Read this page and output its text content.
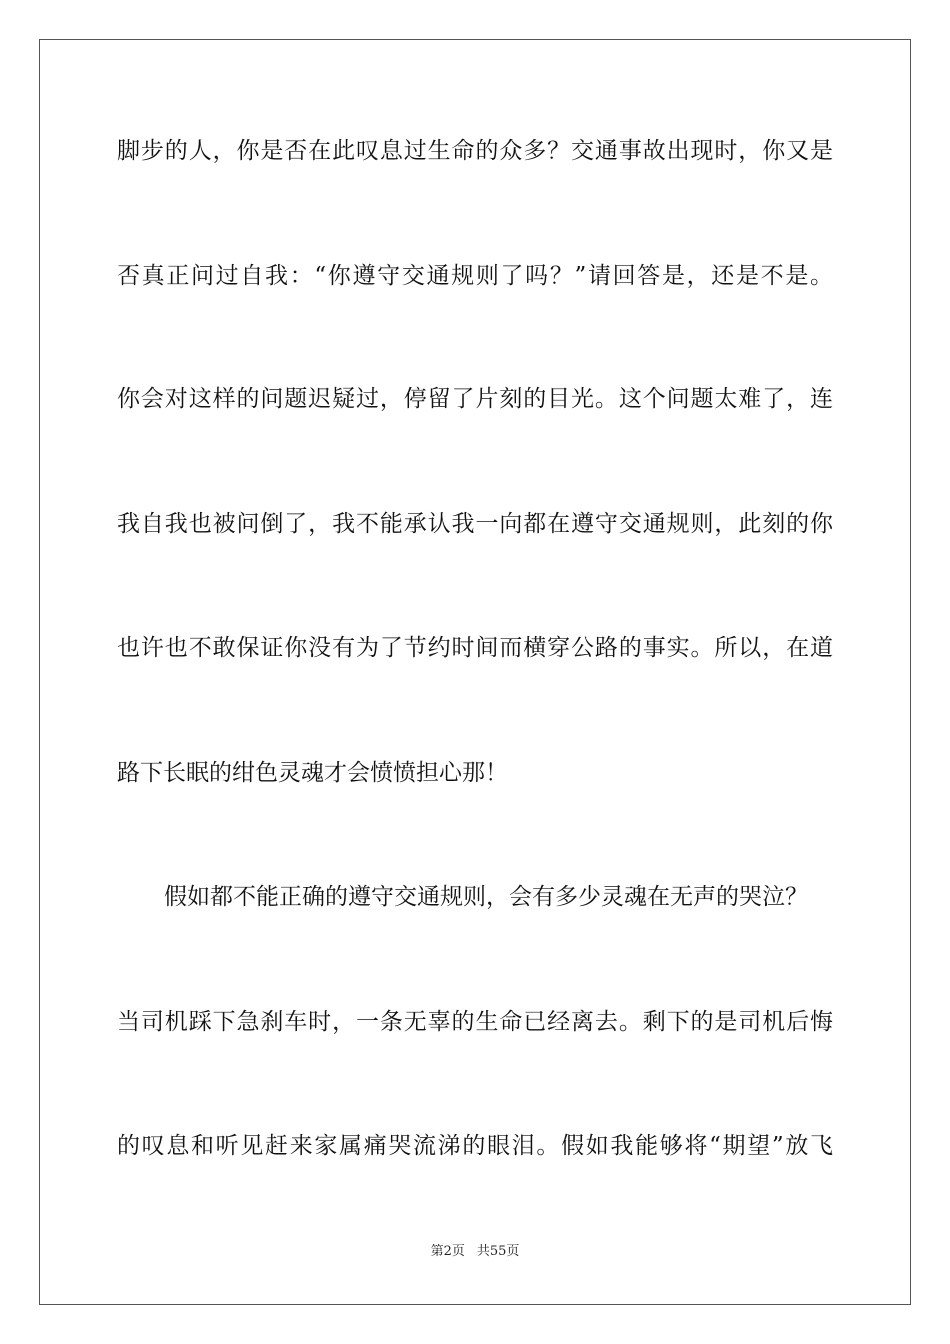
脚步的人，你是否在此叹息过生命的众多？交通事故出现时，你又是
否真正问过自我：“你遵守交通规则了吗？”请回答是，还是不是。
你会对这样的问题迟疑过，停留了片刻的目光。这个问题太难了，连
我自我也被问倒了，我不能承认我一向都在遵守交通规则，此刻的你
也许也不敢保证你没有为了节约时间而横穿公路的事实。所以，在道
路下长眠的绀色灵魂才会愤愤担心那！
假如都不能正确的遵守交通规则，会有多少灵魂在无声的哭泣？
当司机踩下急刹车时，一条无辜的生命已经离去。剩下的是司机后悔
的叹息和听见赶来家属痛哭流涕的眼泪。假如我能够将“期望”放飞
第2页 共55页
